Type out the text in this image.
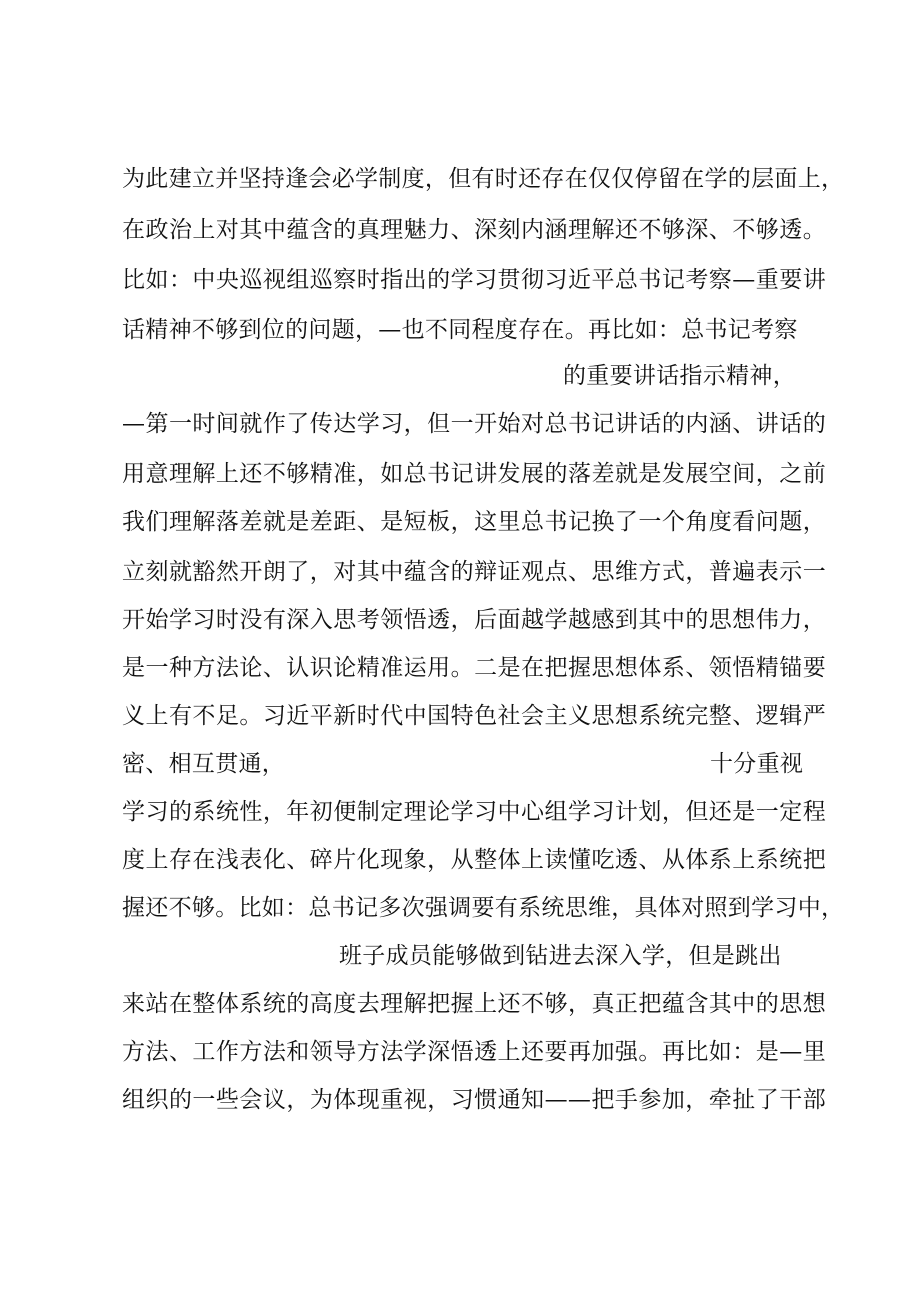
为此建立并坚持逢会必学制度，但有时还存在仅仅停留在学的层面上，
在政治上对其中蕴含的真理魅力、深刻内涵理解还不够深、不够透。
比如：中央巡视组巡察时指出的学习贯彻习近平总书记考察—重要讲
话精神不够到位的问题，—也不同程度存在。再比如：总书记考察
的重要讲话指示精神，
—第一时间就作了传达学习，但一开始对总书记讲话的内涵、讲话的
用意理解上还不够精准，如总书记讲发展的落差就是发展空间，之前
我们理解落差就是差距、是短板，这里总书记换了一个角度看问题，
立刻就豁然开朗了，对其中蕴含的辩证观点、思维方式，普遍表示一
开始学习时没有深入思考领悟透，后面越学越感到其中的思想伟力，
是一种方法论、认识论精准运用。二是在把握思想体系、领悟精锚要
义上有不足。习近平新时代中国特色社会主义思想系统完整、逻辑严
密、相互贯通，	十分重视
学习的系统性，年初便制定理论学习中心组学习计划，但还是一定程
度上存在浅表化、碎片化现象，从整体上读懂吃透、从体系上系统把
握还不够。比如：总书记多次强调要有系统思维，具体对照到学习中，
班子成员能够做到钻进去深入学，但是跳出
来站在整体系统的高度去理解把握上还不够，真正把蕴含其中的思想
方法、工作方法和领导方法学深悟透上还要再加强。再比如：是—里
组织的一些会议，为体现重视，习惯通知——把手参加，牵扯了干部
